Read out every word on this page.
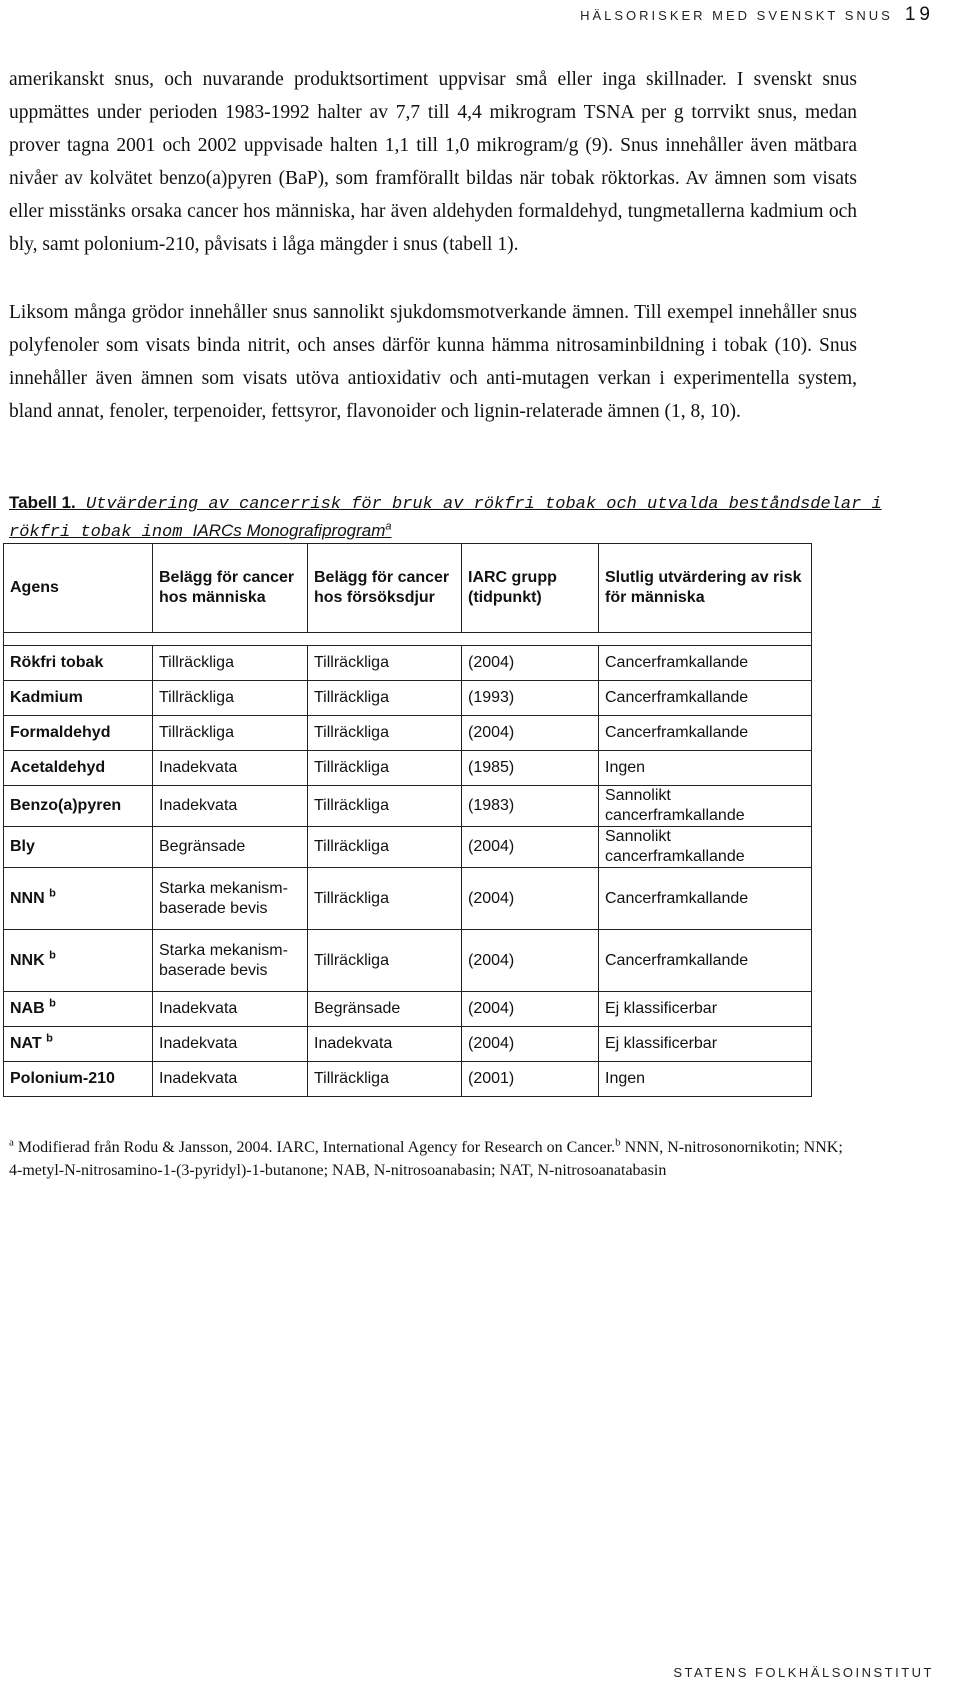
HÄLSORISKER MED SVENSKT SNUS 19

amerikanskt snus, och nuvarande produktsortiment uppvisar små eller inga skillnader. I svenskt snus uppmättes under perioden 1983-1992 halter av 7,7 till 4,4 mikrogram TSNA per g torrvikt snus, medan prover tagna 2001 och 2002 uppvisade halten 1,1 till 1,0 mikrogram/g (9). Snus innehåller även mätbara nivåer av kolvätet benzo(a)pyren (BaP), som framförallt bildas när tobak röktorkas. Av ämnen som visats eller misstänks orsaka cancer hos människa, har även aldehyden formaldehyd, tungmetallerna kadmium och bly, samt polonium-210, påvisats i låga mängder i snus (tabell 1).

Liksom många grödor innehåller snus sannolikt sjukdomsmotverkande ämnen. Till exempel innehåller snus polyfenoler som visats binda nitrit, och anses därför kunna hämma nitrosaminbildning i tobak (10). Snus innehåller även ämnen som visats utöva antioxidativ och anti-mutagen verkan i experimentella system, bland annat, fenoler, terpenoider, fettsyror, flavonoider och lignin-relaterade ämnen (1, 8, 10).

Tabell 1. Utvärdering av cancerrisk för bruk av rökfri tobak och utvalda beståndsdelar i rökfri tobak inom IARCs Monografiprogram$^a$

Agens	Belägg för cancer hos människa	Belägg för cancer hos försöksdjur	IARC grupp (tidpunkt)	Slutlig utvärdering av risk för människa

Rökfri tobak	Tillräckliga	Tillräckliga	(2004)	Cancerframkallande
Kadmium	Tillräckliga	Tillräckliga	(1993)	Cancerframkallande
Formaldehyd	Tillräckliga	Tillräckliga	(2004)	Cancerframkallande
Acetaldehyd	Inadekvata	Tillräckliga	(1985)	Ingen
Benzo(a)pyren	Inadekvata	Tillräckliga	(1983)	Sannolikt cancerframkallande
Bly	Begränsade	Tillräckliga	(2004)	Sannolikt cancerframkallande
NNN $^b$	Starka mekanism-baserade bevis	Tillräckliga	(2004)	Cancerframkallande
NNK $^b$	Starka mekanism-baserade bevis	Tillräckliga	(2004)	Cancerframkallande
NAB $^b$	Inadekvata	Begränsade	(2004)	Ej klassificerbar
NAT $^b$	Inadekvata	Inadekvata	(2004)	Ej klassificerbar
Polonium-210	Inadekvata	Tillräckliga	(2001)	Ingen

$^a$ Modifierad från Rodu & Jansson, 2004. IARC, International Agency for Research on Cancer.$^b$ NNN, N-nitrosonornikotin; NNK; 4-metyl-N-nitrosamino-1-(3-pyridyl)-1-butanone; NAB, N-nitrosoanabasin; NAT, N-nitrosoanatabasin

STATENS FOLKHÄLSOINSTITUT
